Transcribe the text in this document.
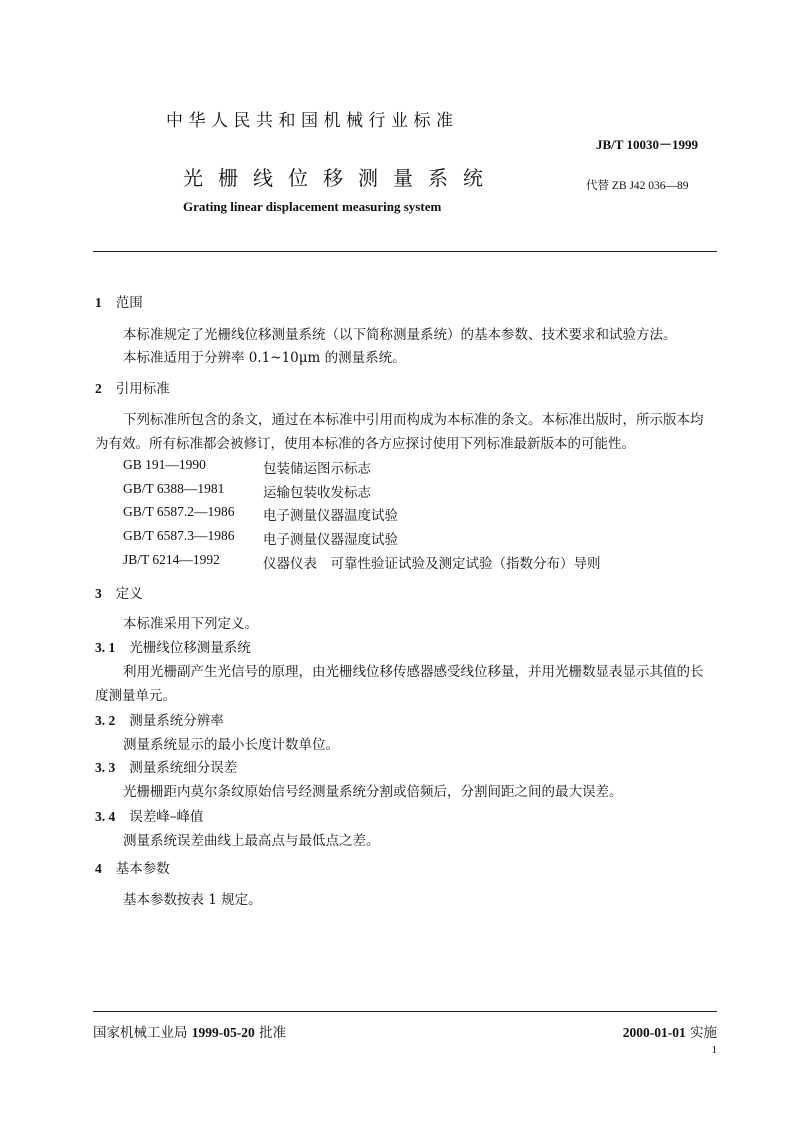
中华人民共和国机械行业标准
JB/T 10030－1999
光栅线位移测量系统	代替 ZB J42 036—89
Grating linear displacement measuring system
1 范围
本标准规定了光栅线位移测量系统（以下简称测量系统）的基本参数、技术要求和试验方法。
本标准适用于分辨率 0.1~10μm 的测量系统。
2 引用标准
下列标准所包含的条文，通过在本标准中引用而构成为本标准的条文。本标准出版时，所示版本均
为有效。所有标准都会被修订，使用本标准的各方应探讨使用下列标准最新版本的可能性。
GB 191—1990	包装储运图示标志
GB/T 6388—1981	运输包装收发标志
GB/T 6587.2—1986 电子测量仪器温度试验
GB/T 6587.3—1986 电子测量仪器湿度试验
JB/T 6214—1992	仪器仪表　可靠性验证试验及测定试验（指数分布）导则
3 定义
本标准采用下列定义。
3. 1 光栅线位移测量系统
利用光栅副产生光信号的原理，由光栅线位移传感器感受线位移量，并用光栅数显表显示其值的长
度测量单元。
3. 2 测量系统分辨率
测量系统显示的最小长度计数单位。
3. 3 测量系统细分误差
光栅栅距内莫尔条纹原始信号经测量系统分割或倍频后，分割间距之间的最大误差。
3. 4 误差峰–峰值
测量系统误差曲线上最高点与最低点之差。
4 基本参数
基本参数按表 1 规定。
国家机械工业局 1999-05-20 批准	2000-01-01 实施
1
